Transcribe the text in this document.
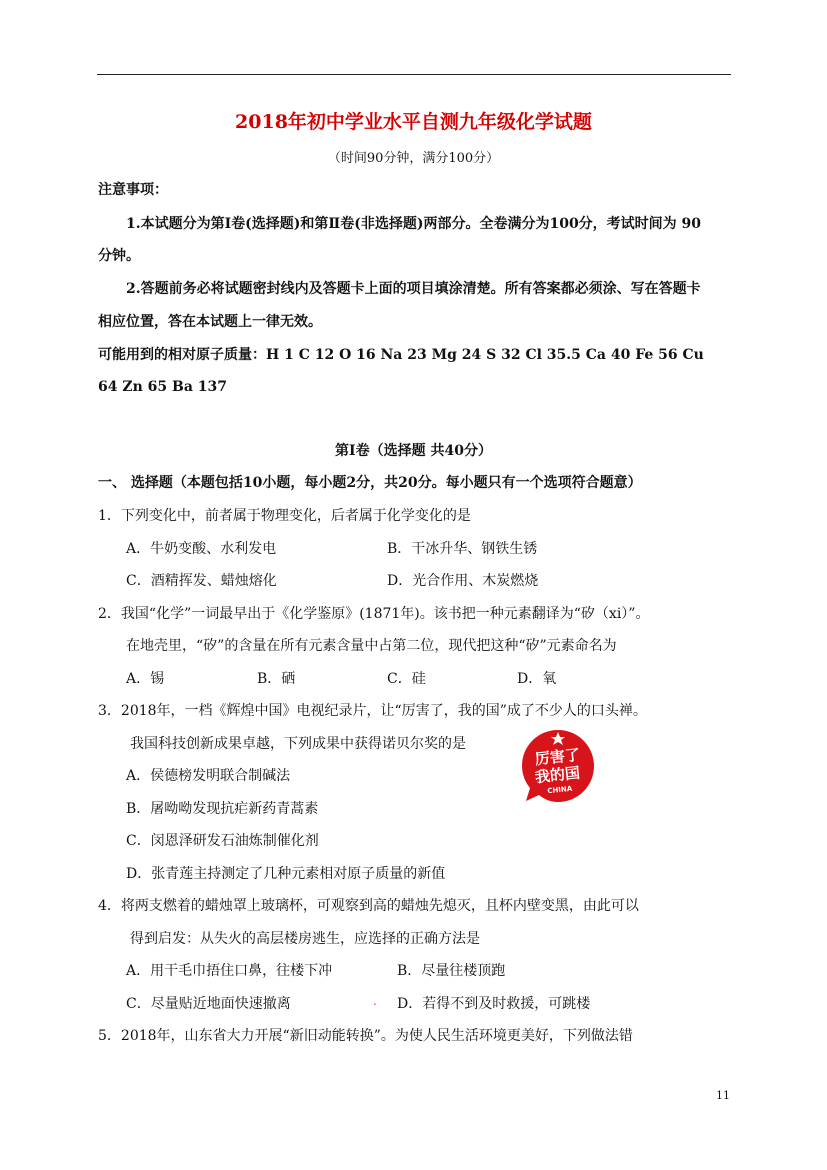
2018年初中学业水平自测九年级化学试题
（时间90分钟，满分100分）
注意事项：
1.本试题分为第Ⅰ卷(选择题)和第Ⅱ卷(非选择题)两部分。全卷满分为100分，考试时间为 90
分钟。
2.答题前务必将试题密封线内及答题卡上面的项目填涂清楚。所有答案都必须涂、写在答题卡
相应位置，答在本试题上一律无效。
可能用到的相对原子质量：H 1 C 12 O 16 Na 23 Mg 24 S 32 Cl 35.5 Ca 40 Fe 56 Cu
64 Zn 65 Ba 137
第Ⅰ卷（选择题 共40分）
一、 选择题（本题包括10小题，每小题2分，共20分。每小题只有一个选项符合题意）
1．下列变化中，前者属于物理变化，后者属于化学变化的是
A．牛奶变酸、水利发电	B．干冰升华、钢铁生锈
C．酒精挥发、蜡烛熔化	D．光合作用、木炭燃烧
2．我国“化学”一词最早出于《化学鉴原》(1871年)。该书把一种元素翻译为“矽（xi）”。
在地壳里，“矽”的含量在所有元素含量中占第二位，现代把这种“矽”元素命名为
A．锡	B．硒	C．硅	D．氧
3．2018年，一档《辉煌中国》电视纪录片，让“厉害了，我的国”成了不少人的口头禅。
我国科技创新成果卓越，下列成果中获得诺贝尔奖的是
A．侯德榜发明联合制碱法
B．屠呦呦发现抗疟新药青蒿素
C．闵恩泽研发石油炼制催化剂
D．张青莲主持测定了几种元素相对原子质量的新值
4．将两支燃着的蜡烛罩上玻璃杯，可观察到高的蜡烛先熄灭，且杯内壁变黑，由此可以
得到启发：从失火的高层楼房逃生，应选择的正确方法是
A．用干毛巾捂住口鼻，往楼下冲	B．尽量往楼顶跑
C．尽量贴近地面快速撤离	. D．若得不到及时救援，可跳楼
5．2018年，山东省大力开展“新旧动能转换”。为使人民生活环境更美好，下列做法错
厉害了
我的国
CHINA
11
